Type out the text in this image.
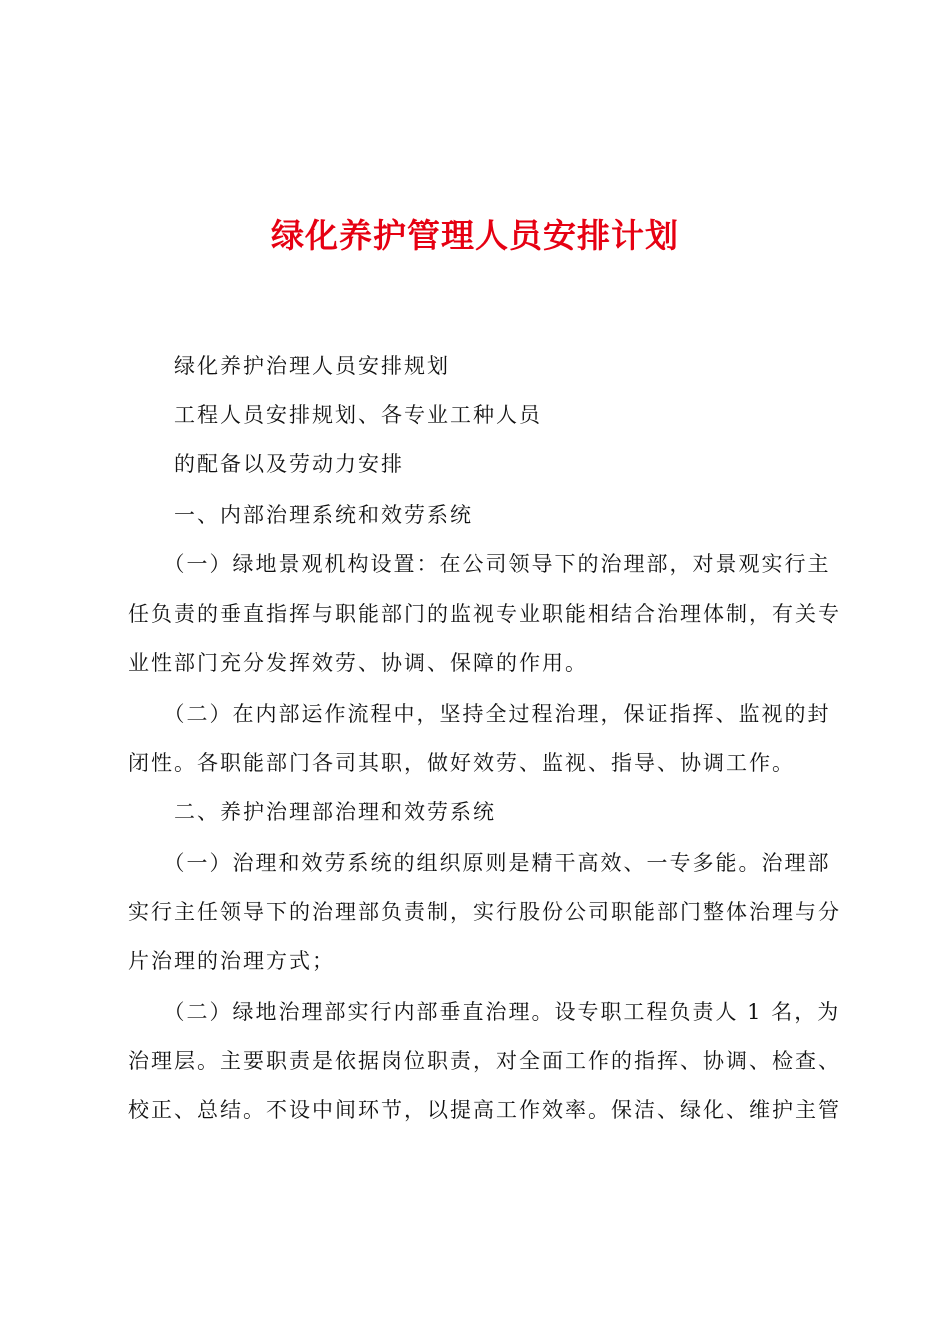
绿化养护管理人员安排计划
　　绿化养护治理人员安排规划
　　工程人员安排规划、各专业工种人员
　　的配备以及劳动力安排
　　一、内部治理系统和效劳系统
　　（一）绿地景观机构设置：在公司领导下的治理部，对景观实行主
任负责的垂直指挥与职能部门的监视专业职能相结合治理体制，有关专
业性部门充分发挥效劳、协调、保障的作用。
　　（二）在内部运作流程中，坚持全过程治理，保证指挥、监视的封
闭性。各职能部门各司其职，做好效劳、监视、指导、协调工作。
　　二、养护治理部治理和效劳系统
　　（一）治理和效劳系统的组织原则是精干高效、一专多能。治理部
实行主任领导下的治理部负责制，实行股份公司职能部门整体治理与分
片治理的治理方式；
　　（二）绿地治理部实行内部垂直治理。设专职工程负责人 1 名，为
治理层。主要职责是依据岗位职责，对全面工作的指挥、协调、检查、
校正、总结。不设中间环节，以提高工作效率。保洁、绿化、维护主管
